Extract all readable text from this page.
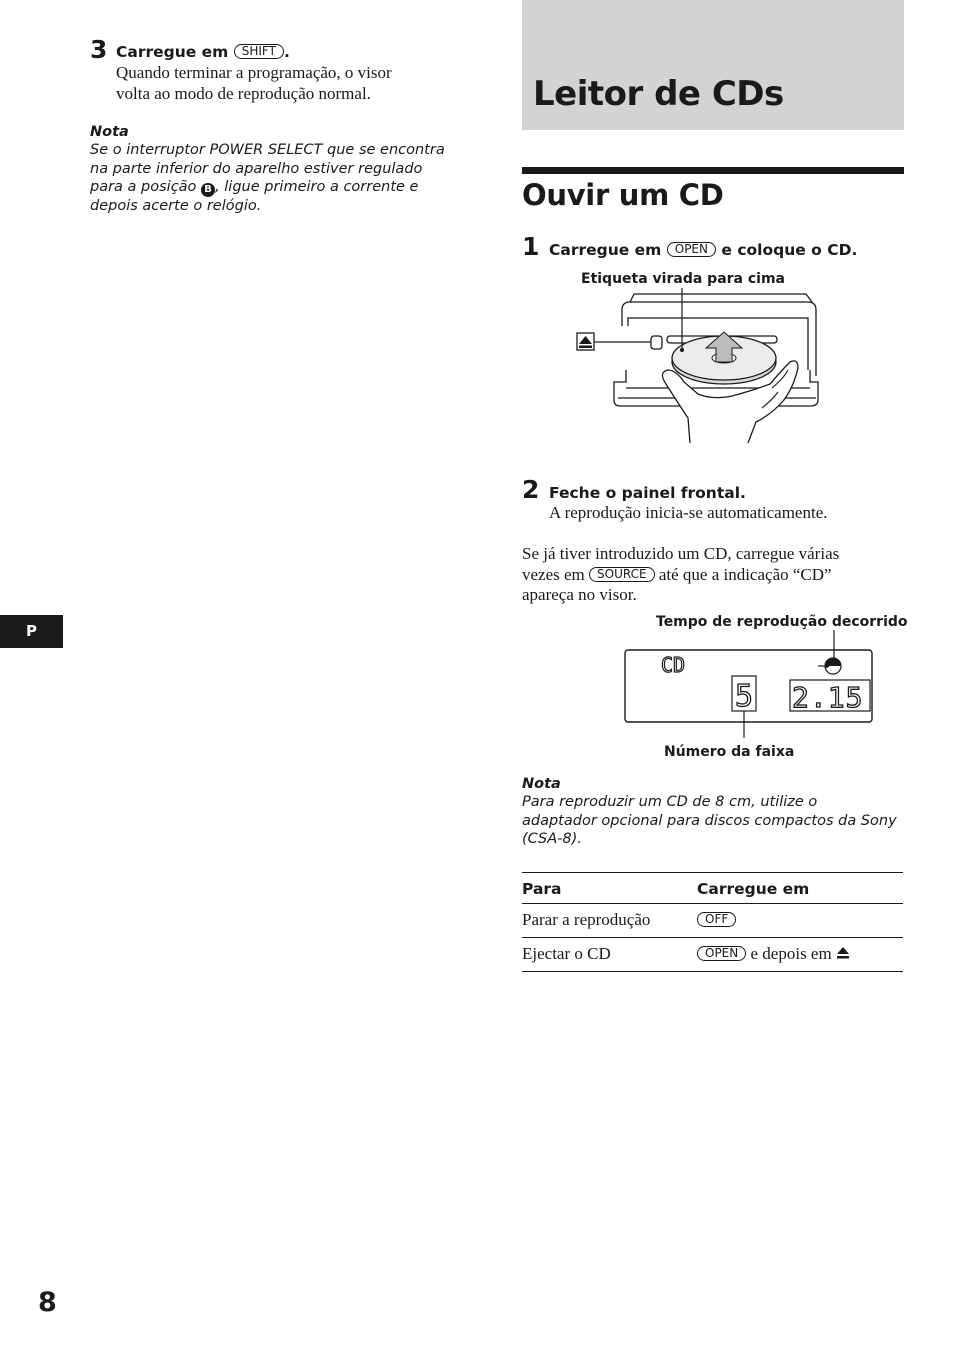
3 Carregue em SHIFT .
Quando terminar a programação, o visor
volta ao modo de reprodução normal.
Nota
Se o interruptor POWER SELECT que se encontra
na parte inferior do aparelho estiver regulado
para a posição B , ligue primeiro a corrente e
depois acerte o relógio.
P
8
Leitor de CDs
Ouvir um CD
1 Carregue em OPEN e coloque o CD.
Etiqueta virada para cima
2 Feche o painel frontal.
A reprodução inicia-se automaticamente.
Se já tiver introduzido um CD, carregue várias
vezes em SOURCE até que a indicação “CD”
apareça no visor.
Tempo de reprodução decorrido
CD
5 2.15
Número da faixa
Nota
Para reproduzir um CD de 8 cm, utilize o
adaptador opcional para discos compactos da Sony
(CSA-8).
Para	Carregue em
Parar a reprodução	OFF
Ejectar o CD	OPEN e depois em
